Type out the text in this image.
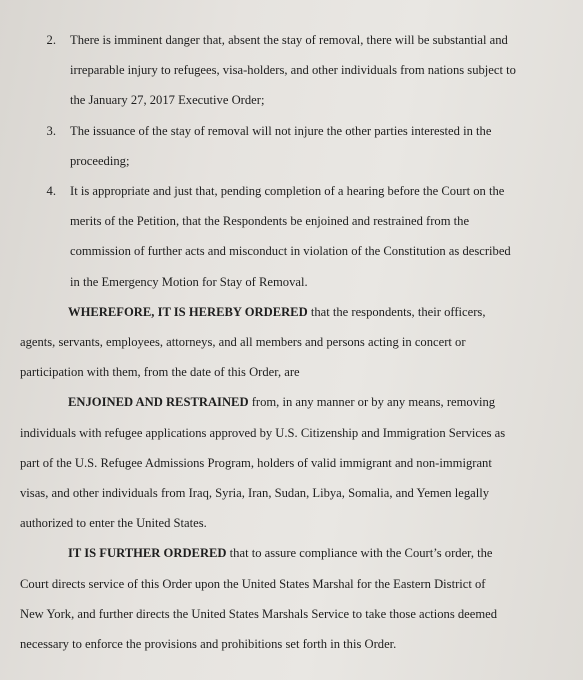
2.	There is imminent danger that, absent the stay of removal, there will be substantial and
irreparable injury to refugees, visa-holders, and other individuals from nations subject to
the January 27, 2017 Executive Order;
3.	The issuance of the stay of removal will not injure the other parties interested in the
proceeding;
4.	It is appropriate and just that, pending completion of a hearing before the Court on the
merits of the Petition, that the Respondents be enjoined and restrained from the
commission of further acts and misconduct in violation of the Constitution as described
in the Emergency Motion for Stay of Removal.
WHEREFORE, IT IS HEREBY ORDERED that the respondents, their officers,
agents, servants, employees, attorneys, and all members and persons acting in concert or
participation with them, from the date of this Order, are
ENJOINED AND RESTRAINED from, in any manner or by any means, removing
individuals with refugee applications approved by U.S. Citizenship and Immigration Services as
part of the U.S. Refugee Admissions Program, holders of valid immigrant and non-immigrant
visas, and other individuals from Iraq, Syria, Iran, Sudan, Libya, Somalia, and Yemen legally
authorized to enter the United States.
IT IS FURTHER ORDERED that to assure compliance with the Court’s order, the
Court directs service of this Order upon the United States Marshal for the Eastern District of
New York, and further directs the United States Marshals Service to take those actions deemed
necessary to enforce the provisions and prohibitions set forth in this Order.
